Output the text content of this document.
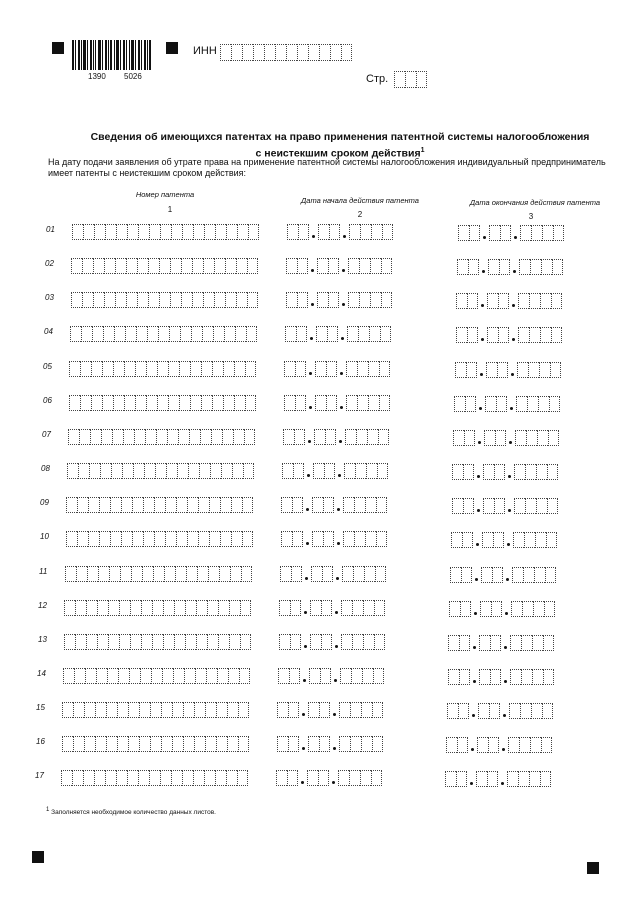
1390 5026
ИНН
Стр.
Сведения об имеющихся патентах на право применения патентной системы налогообложения
с неистекшим сроком действия$^1$
На дату подачи заявления об утрате права на применение патентной системы налогообложения индивидуальный предприниматель имеет патенты с неистекшим сроком действия:
Номер патента
1
Дата начала действия патента
2
Дата окончания действия патента
3
01
02
03
04
05
06
07
08
09
10
11
12
13
14
15
16
17
$^1$ Заполняется необходимое количество данных листов.
